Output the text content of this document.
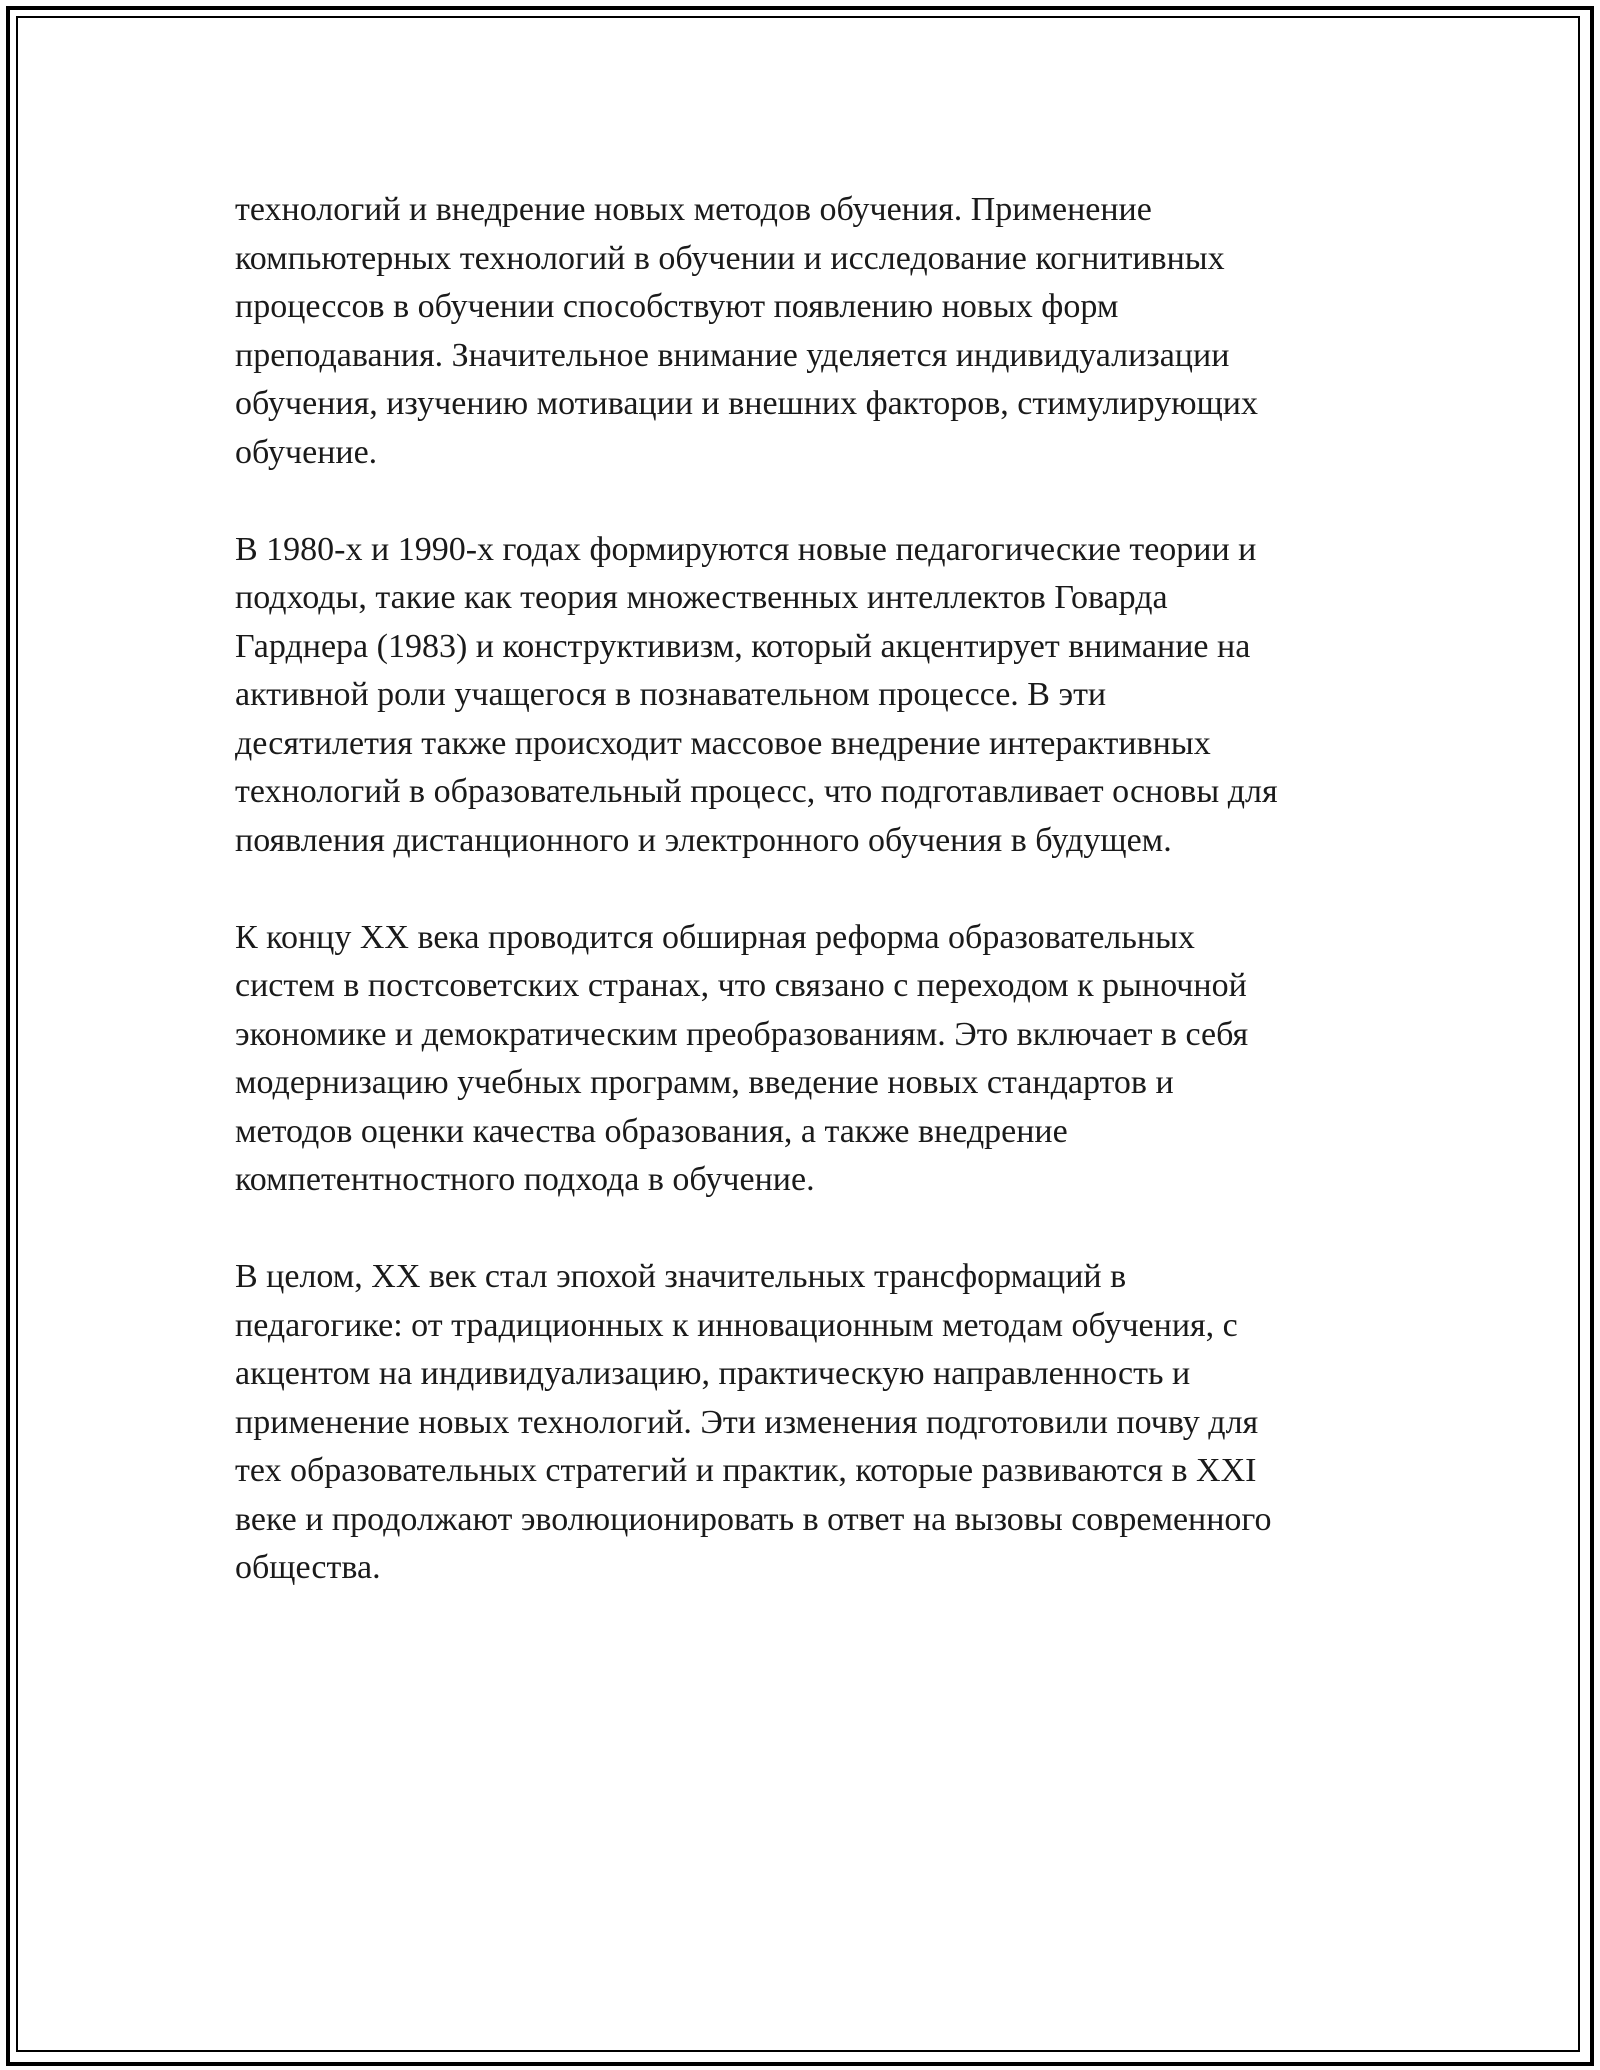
технологий и внедрение новых методов обучения. Применение
компьютерных технологий в обучении и исследование когнитивных
процессов в обучении способствуют появлению новых форм
преподавания. Значительное внимание уделяется индивидуализации
обучения, изучению мотивации и внешних факторов, стимулирующих
обучение.

В 1980-х и 1990-х годах формируются новые педагогические теории и
подходы, такие как теория множественных интеллектов Говарда
Гарднера (1983) и конструктивизм, который акцентирует внимание на
активной роли учащегося в познавательном процессе. В эти
десятилетия также происходит массовое внедрение интерактивных
технологий в образовательный процесс, что подготавливает основы для
появления дистанционного и электронного обучения в будущем.

К концу XX века проводится обширная реформа образовательных
систем в постсоветских странах, что связано с переходом к рыночной
экономике и демократическим преобразованиям. Это включает в себя
модернизацию учебных программ, введение новых стандартов и
методов оценки качества образования, а также внедрение
компетентностного подхода в обучение.

В целом, XX век стал эпохой значительных трансформаций в
педагогике: от традиционных к инновационным методам обучения, с
акцентом на индивидуализацию, практическую направленность и
применение новых технологий. Эти изменения подготовили почву для
тех образовательных стратегий и практик, которые развиваются в XXI
веке и продолжают эволюционировать в ответ на вызовы современного
общества.
